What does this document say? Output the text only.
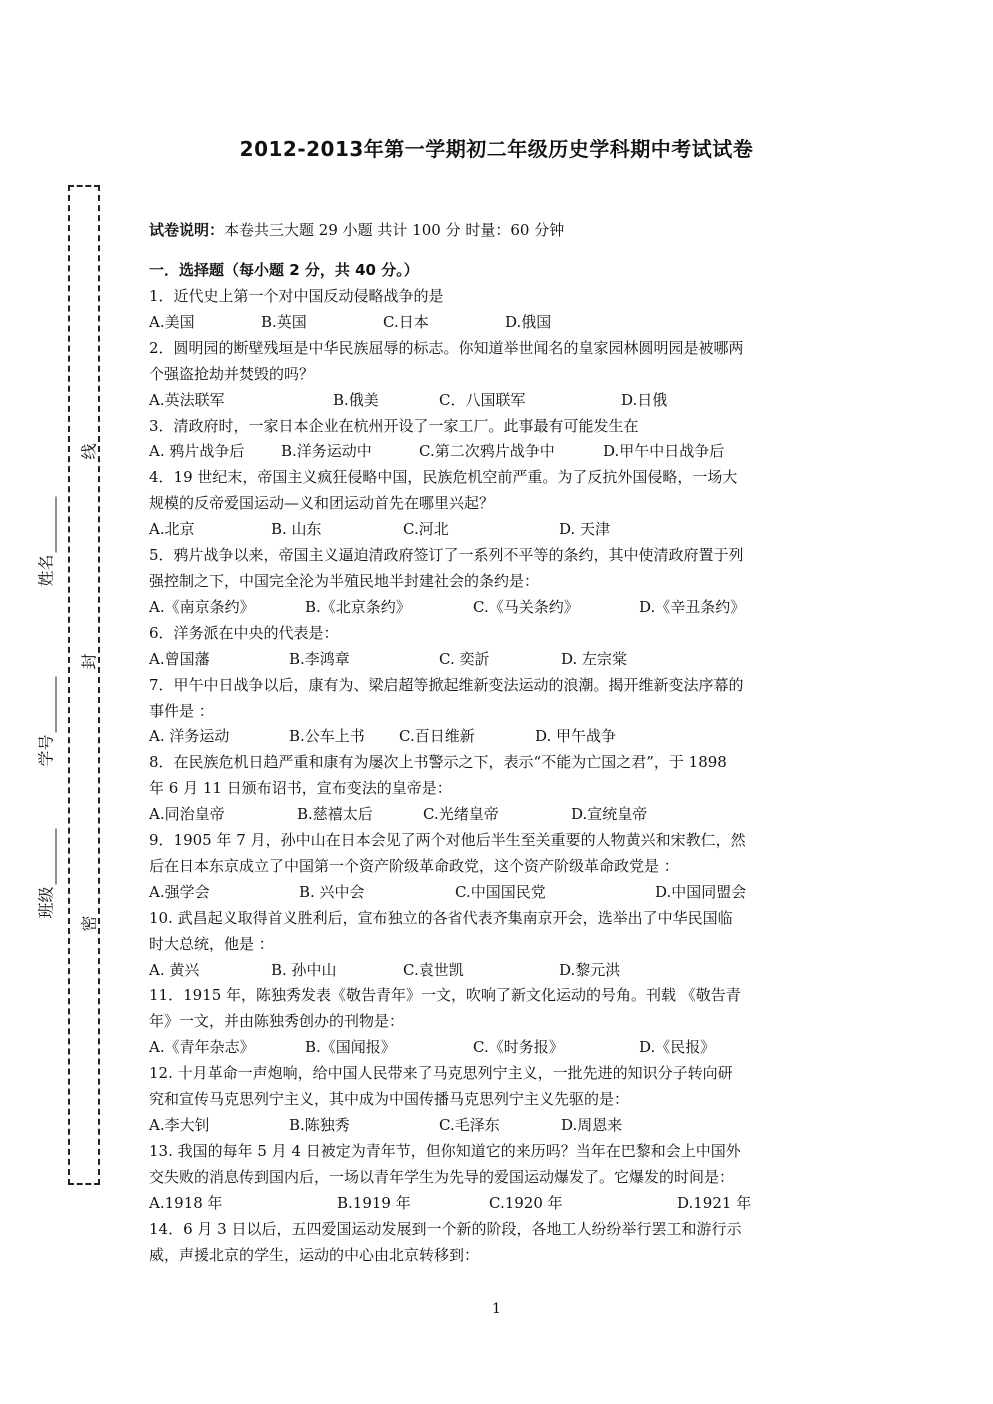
2012-2013年第一学期初二年级历史学科期中考试试卷
线
封
密
姓名
学号
班级
试卷说明：本卷共三大题 29 小题 共计 100 分 时量：60 分钟
一．选择题（每小题 2 分，共 40 分。）
1．近代史上第一个对中国反动侵略战争的是
A.美国	B.英国	C.日本	D.俄国
2．圆明园的断壁残垣是中华民族屈辱的标志。你知道举世闻名的皇家园林圆明园是被哪两
个强盗抢劫并焚毁的吗？
A.英法联军	B.俄美	C．八国联军	D.日俄
3．清政府时，一家日本企业在杭州开设了一家工厂。此事最有可能发生在
A. 鸦片战争后	B.洋务运动中	C.第二次鸦片战争中	D.甲午中日战争后
4．19 世纪末，帝国主义疯狂侵略中国，民族危机空前严重。为了反抗外国侵略，一场大
规模的反帝爱国运动—义和团运动首先在哪里兴起？
A.北京	B. 山东	C.河北	D. 天津
5．鸦片战争以来，帝国主义逼迫清政府签订了一系列不平等的条约，其中使清政府置于列
强控制之下，中国完全沦为半殖民地半封建社会的条约是：
A.《南京条约》	B.《北京条约》	C.《马关条约》	D.《辛丑条约》
6．洋务派在中央的代表是：
A.曾国藩	B.李鸿章	C. 奕訢	D. 左宗棠
7．甲午中日战争以后，康有为、梁启超等掀起维新变法运动的浪潮。揭开维新变法序幕的
事件是 ：
A. 洋务运动	B.公车上书	C.百日维新	D. 甲午战争
8．在民族危机日趋严重和康有为屡次上书警示之下，表示“不能为亡国之君”，于 1898
年 6 月 11 日颁布诏书，宣布变法的皇帝是：
A.同治皇帝	B.慈禧太后	C.光绪皇帝	D.宣统皇帝
9．1905 年 7 月，孙中山在日本会见了两个对他后半生至关重要的人物黄兴和宋教仁，然
后在日本东京成立了中国第一个资产阶级革命政党，这个资产阶级革命政党是 ：
A.强学会	B. 兴中会	C.中国国民党	D.中国同盟会
10. 武昌起义取得首义胜利后，宣布独立的各省代表齐集南京开会，选举出了中华民国临
时大总统，他是 ：
A. 黄兴	B. 孙中山	C.袁世凯	D.黎元洪
11．1915 年，陈独秀发表《敬告青年》一文，吹响了新文化运动的号角。刊载 《敬告青
年》一文，并由陈独秀创办的刊物是：
A.《青年杂志》	B.《国闻报》	C.《时务报》	D.《民报》
12. 十月革命一声炮响，给中国人民带来了马克思列宁主义，一批先进的知识分子转向研
究和宣传马克思列宁主义，其中成为中国传播马克思列宁主义先驱的是：
A.李大钊	B.陈独秀	C.毛泽东	D.周恩来
13. 我国的每年 5 月 4 日被定为青年节，但你知道它的来历吗？当年在巴黎和会上中国外
交失败的消息传到国内后，一场以青年学生为先导的爱国运动爆发了。它爆发的时间是：
A.1918 年	B.1919 年	C.1920 年	D.1921 年
14．6 月 3 日以后，五四爱国运动发展到一个新的阶段，各地工人纷纷举行罢工和游行示
威，声援北京的学生，运动的中心由北京转移到：
1
